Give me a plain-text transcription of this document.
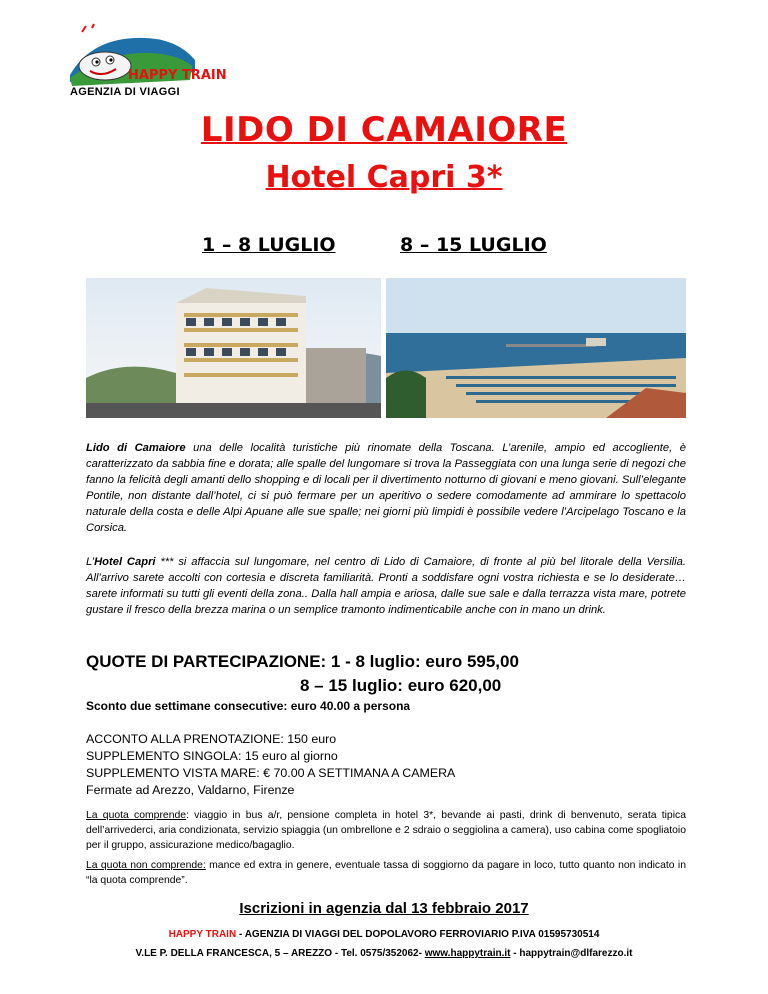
HAPPY TRAIN
AGENZIA DI VIAGGI
LIDO DI CAMAIORE
Hotel Capri 3*
1 – 8 LUGLIO	8 – 15 LUGLIO
Lido di Camaiore una delle località turistiche più rinomate della Toscana. L’arenile, ampio ed accogliente, è caratterizzato da sabbia fine e dorata; alle spalle del lungomare si trova la Passeggiata con una lunga serie di negozi che fanno la felicità degli amanti dello shopping e di locali per il divertimento notturno di giovani e meno giovani. Sull’elegante Pontile, non distante dall’hotel, ci si può fermare per un aperitivo o sedere comodamente ad ammirare lo spettacolo naturale della costa e delle Alpi Apuane alle sue spalle; nei giorni più limpidi è possibile vedere l’Arcipelago Toscano e la Corsica.
L’Hotel Capri *** si affaccia sul lungomare, nel centro di Lido di Camaiore, di fronte al più bel litorale della Versilia. All’arrivo sarete accolti con cortesia e discreta familiarità. Pronti a soddisfare ogni vostra richiesta e se lo desiderate… sarete informati su tutti gli eventi della zona.. Dalla hall ampia e ariosa, dalle sue sale e dalla terrazza vista mare, potrete gustare il fresco della brezza marina o un semplice tramonto indimenticabile anche con in mano un drink.
QUOTE DI PARTECIPAZIONE: 1 - 8 luglio: euro 595,00
8 – 15 luglio: euro 620,00
Sconto due settimane consecutive: euro 40.00 a persona
ACCONTO ALLA PRENOTAZIONE: 150 euro
SUPPLEMENTO SINGOLA: 15 euro al giorno
SUPPLEMENTO VISTA MARE: € 70.00 A SETTIMANA A CAMERA
Fermate ad Arezzo, Valdarno, Firenze
La quota comprende: viaggio in bus a/r, pensione completa in hotel 3*, bevande ai pasti, drink di benvenuto, serata tipica dell’arrivederci, aria condizionata, servizio spiaggia (un ombrellone e 2 sdraio o seggiolina a camera), uso cabina come spogliatoio per il gruppo, assicurazione medico/bagaglio.
La quota non comprende: mance ed extra in genere, eventuale tassa di soggiorno da pagare in loco, tutto quanto non indicato in “la quota comprende”.
Iscrizioni in agenzia dal 13 febbraio 2017
HAPPY TRAIN - AGENZIA DI VIAGGI DEL DOPOLAVORO FERROVIARIO P.IVA 01595730514
V.LE P. DELLA FRANCESCA, 5 – AREZZO - Tel. 0575/352062- www.happytrain.it - happytrain@dlfarezzo.it
